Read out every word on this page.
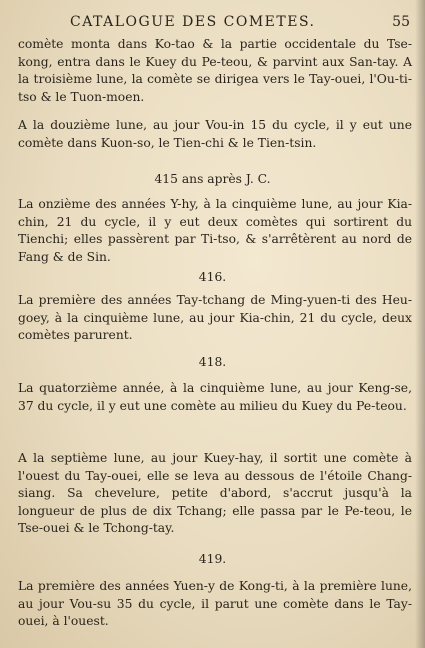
CATALOGUE DES COMETES.	55

comète monta dans Ko-tao & la partie occidentale du Tse-kong, entra dans le Kuey du Pe-teou, & parvint aux San-tay. A la troisième lune, la comète se dirigea vers le Tay-ouei, l'Ou-ti-tso & le Tuon-moen.

A la douzième lune, au jour Vou-in 15 du cycle, il y eut une comète dans Kuon-so, le Tien-chi & le Tien-tsin.

415 ans après J. C.

La onzième des années Y-hy, à la cinquième lune, au jour Kia-chin, 21 du cycle, il y eut deux comètes qui sortirent du Tienchi; elles passèrent par Ti-tso, & s'arrêtèrent au nord de Fang & de Sin.

416.

La première des années Tay-tchang de Ming-yuen-ti des Heu-goey, à la cinquième lune, au jour Kia-chin, 21 du cycle, deux comètes parurent.

418.

La quatorzième année, à la cinquième lune, au jour Keng-se, 37 du cycle, il y eut une comète au milieu du Kuey du Pe-teou.

A la septième lune, au jour Kuey-hay, il sortit une comète à l'ouest du Tay-ouei, elle se leva au dessous de l'étoile Chang-siang. Sa chevelure, petite d'abord, s'accrut jusqu'à la longueur de plus de dix Tchang; elle passa par le Pe-teou, le Tse-ouei & le Tchong-tay.

419.

La première des années Yuen-y de Kong-ti, à la première lune, au jour Vou-su 35 du cycle, il parut une comète dans le Tay-ouei, à l'ouest.
